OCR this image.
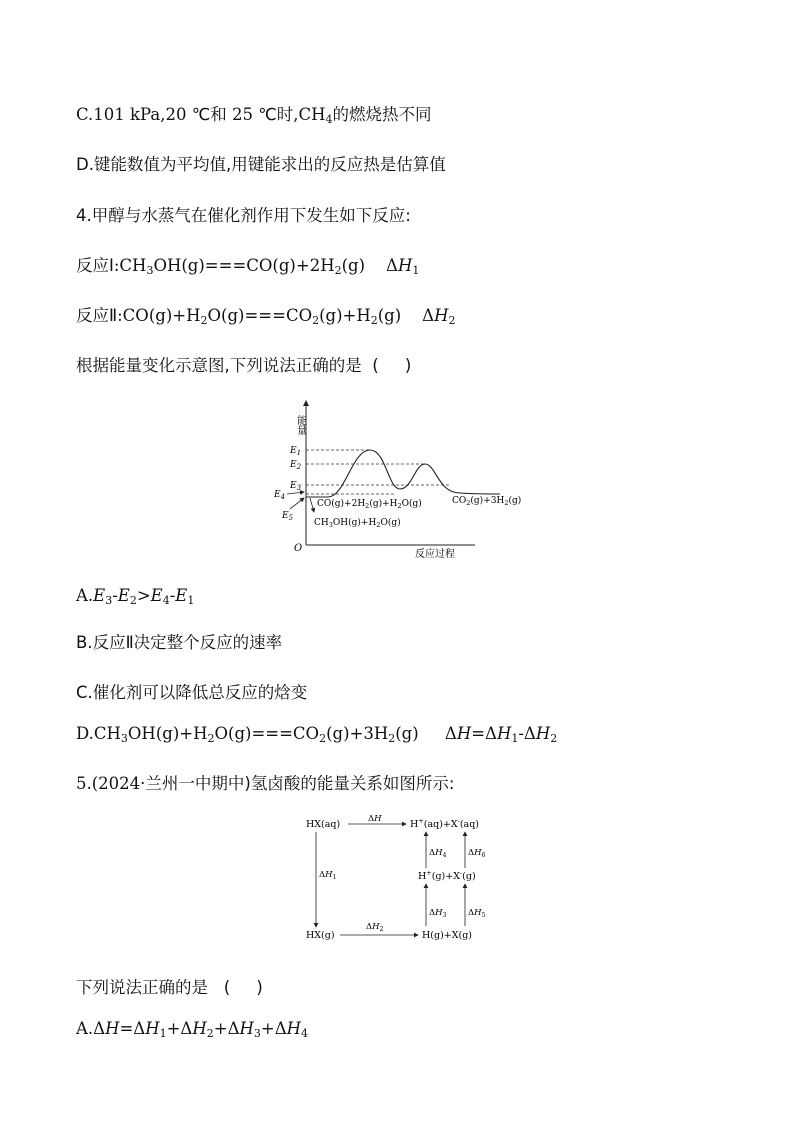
C.101 kPa,20 ℃和 25 ℃时$,CH_4$的燃烧热不同
D.键能数值为平均值,用键能求出的反应热是估算值
4.甲醇与水蒸气在催化剂作用下发生如下反应:
反应$Ⅰ:CH_3OH(g)===CO(g)+2H_2(g)$    $\Delta H_1$
反应$Ⅱ:CO(g)+H_2O(g)===CO_2(g)+H_2(g)$    $\Delta H_2$
根据能量变化示意图,下列说法正确的是  (     )
能量
O
反应过程
$E_1$
$E_2$
$E_3$
$E_4$
$E_5$
$CO(g)+2H_2(g)+H_2O(g)$	$CO_2(g)+3H_2(g)$
$CH_3OH(g)+H_2O(g)$
$A.E_3-E_2>E_4-E_1$
B.反应Ⅱ决定整个反应的速率
C.催化剂可以降低总反应的焓变
$D.CH_3OH(g)+H_2O(g)===CO_2(g)+3H_2(g)$     $\Delta H=\Delta H_1-\Delta H_2$
5.(2024·兰州一中期中)氢卤酸的能量关系如图所示:
HX(aq)	H+(aq)+X-(aq)
H+(g)+X-(g)
HX(g)	H(g)+X(g)
ΔH
$\Delta H_1$
$\Delta H_2$
$\Delta H_3$	$\Delta H_5$
$\Delta H_4$	$\Delta H_6$
下列说法正确的是   (     )
$A.\Delta H=\Delta H_1+\Delta H_2+\Delta H_3+\Delta H_4$
